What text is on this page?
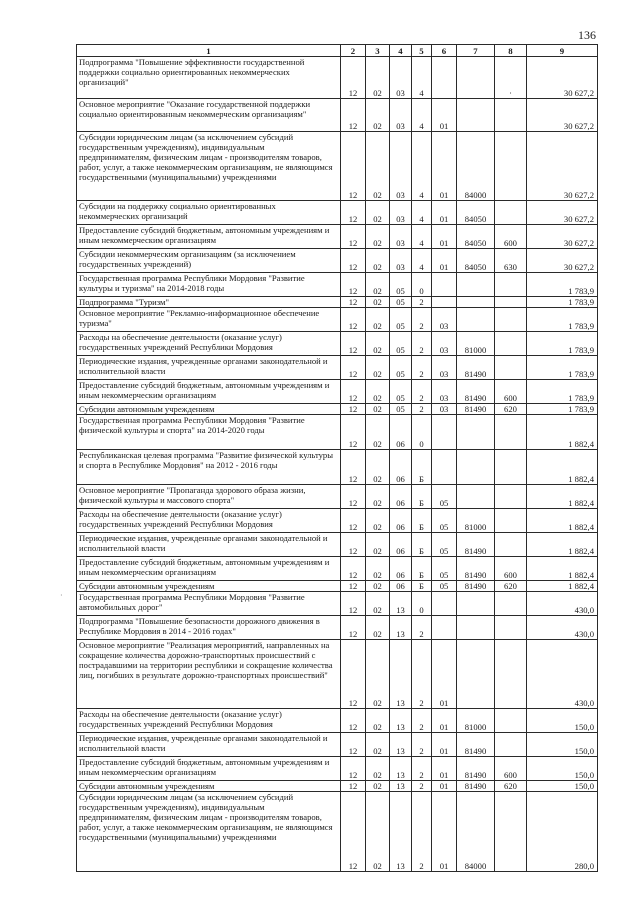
136
1	2	3	4	5	6	7	8	9
Подпрограмма "Повышение эффективности государственной поддержки социально ориентированных некоммерческих организаций"	12	02	03	4			·	30 627,2
Основное мероприятие "Оказание государственной поддержки социально ориентированным некоммерческим организациям"	12	02	03	4	01			30 627,2
Субсидии юридическим лицам (за исключением субсидий государственным учреждениям), индивидуальным предпринимателям, физическим лицам - производителям товаров, работ, услуг, а также некоммерческим организациям, не являющимся государственными (муниципальными) учреждениями	12	02	03	4	01	84000		30 627,2
Субсидии на поддержку социально ориентированных некоммерческих организаций	12	02	03	4	01	84050		30 627,2
Предоставление субсидий бюджетным, автономным учреждениям и иным некоммерческим организациям	12	02	03	4	01	84050	600	30 627,2
Субсидии некоммерческим организациям (за исключением государственных учреждений)	12	02	03	4	01	84050	630	30 627,2
Государственная программа Республики Мордовия "Развитие культуры и туризма" на 2014-2018 годы	12	02	05	0				1 783,9
Подпрограмма "Туризм"	12	02	05	2				1 783,9
Основное мероприятие "Рекламно-информационное обеспечение туризма"	12	02	05	2	03			1 783,9
Расходы на обеспечение деятельности (оказание услуг) государственных учреждений Республики Мордовия	12	02	05	2	03	81000		1 783,9
Периодические издания, учрежденные органами законодательной и исполнительной власти	12	02	05	2	03	81490		1 783,9
Предоставление субсидий бюджетным, автономным учреждениям и иным некоммерческим организациям	12	02	05	2	03	81490	600	1 783,9
Субсидии автономным учреждениям	12	02	05	2	03	81490	620	1 783,9
Государственная программа Республики Мордовия "Развитие физической культуры и спорта" на 2014-2020 годы	12	02	06	0				1 882,4
Республиканская целевая программа "Развитие физической культуры и спорта в Республике Мордовия" на 2012 - 2016 годы	12	02	06	Б				1 882,4
Основное мероприятие "Пропаганда здорового образа жизни, физической культуры и массового спорта"	12	02	06	Б	05			1 882,4
Расходы на обеспечение деятельности (оказание услуг) государственных учреждений Республики Мордовия	12	02	06	Б	05	81000		1 882,4
Периодические издания, учрежденные органами законодательной и исполнительной власти	12	02	06	Б	05	81490		1 882,4
Предоставление субсидий бюджетным, автономным учреждениям и иным некоммерческим организациям	12	02	06	Б	05	81490	600	1 882,4
Субсидии автономным учреждениям	12	02	06	Б	05	81490	620	1 882,4
Государственная программа Республики Мордовия "Развитие автомобильных дорог"	12	02	13	0				430,0
Подпрограмма "Повышение безопасности дорожного движения в Республике Мордовия в 2014 - 2016 годах"	12	02	13	2				430,0
Основное мероприятие "Реализация мероприятий, направленных на сокращение количества дорожно-транспортных происшествий с пострадавшими на территории республики и сокращение количества лиц, погибших в результате дорожно-транспортных происшествий"	12	02	13	2	01			430,0
Расходы на обеспечение деятельности (оказание услуг) государственных учреждений Республики Мордовия	12	02	13	2	01	81000		150,0
Периодические издания, учрежденные органами законодательной и исполнительной власти	12	02	13	2	01	81490		150,0
Предоставление субсидий бюджетным, автономным учреждениям и иным некоммерческим организациям	12	02	13	2	01	81490	600	150,0
Субсидии автономным учреждениям	12	02	13	2	01	81490	620	150,0
Субсидии юридическим лицам (за исключением субсидий государственным учреждениям), индивидуальным предпринимателям, физическим лицам - производителям товаров, работ, услуг, а также некоммерческим организациям, не являющимся государственными (муниципальными) учреждениями	12	02	13	2	01	84000		280,0
·
